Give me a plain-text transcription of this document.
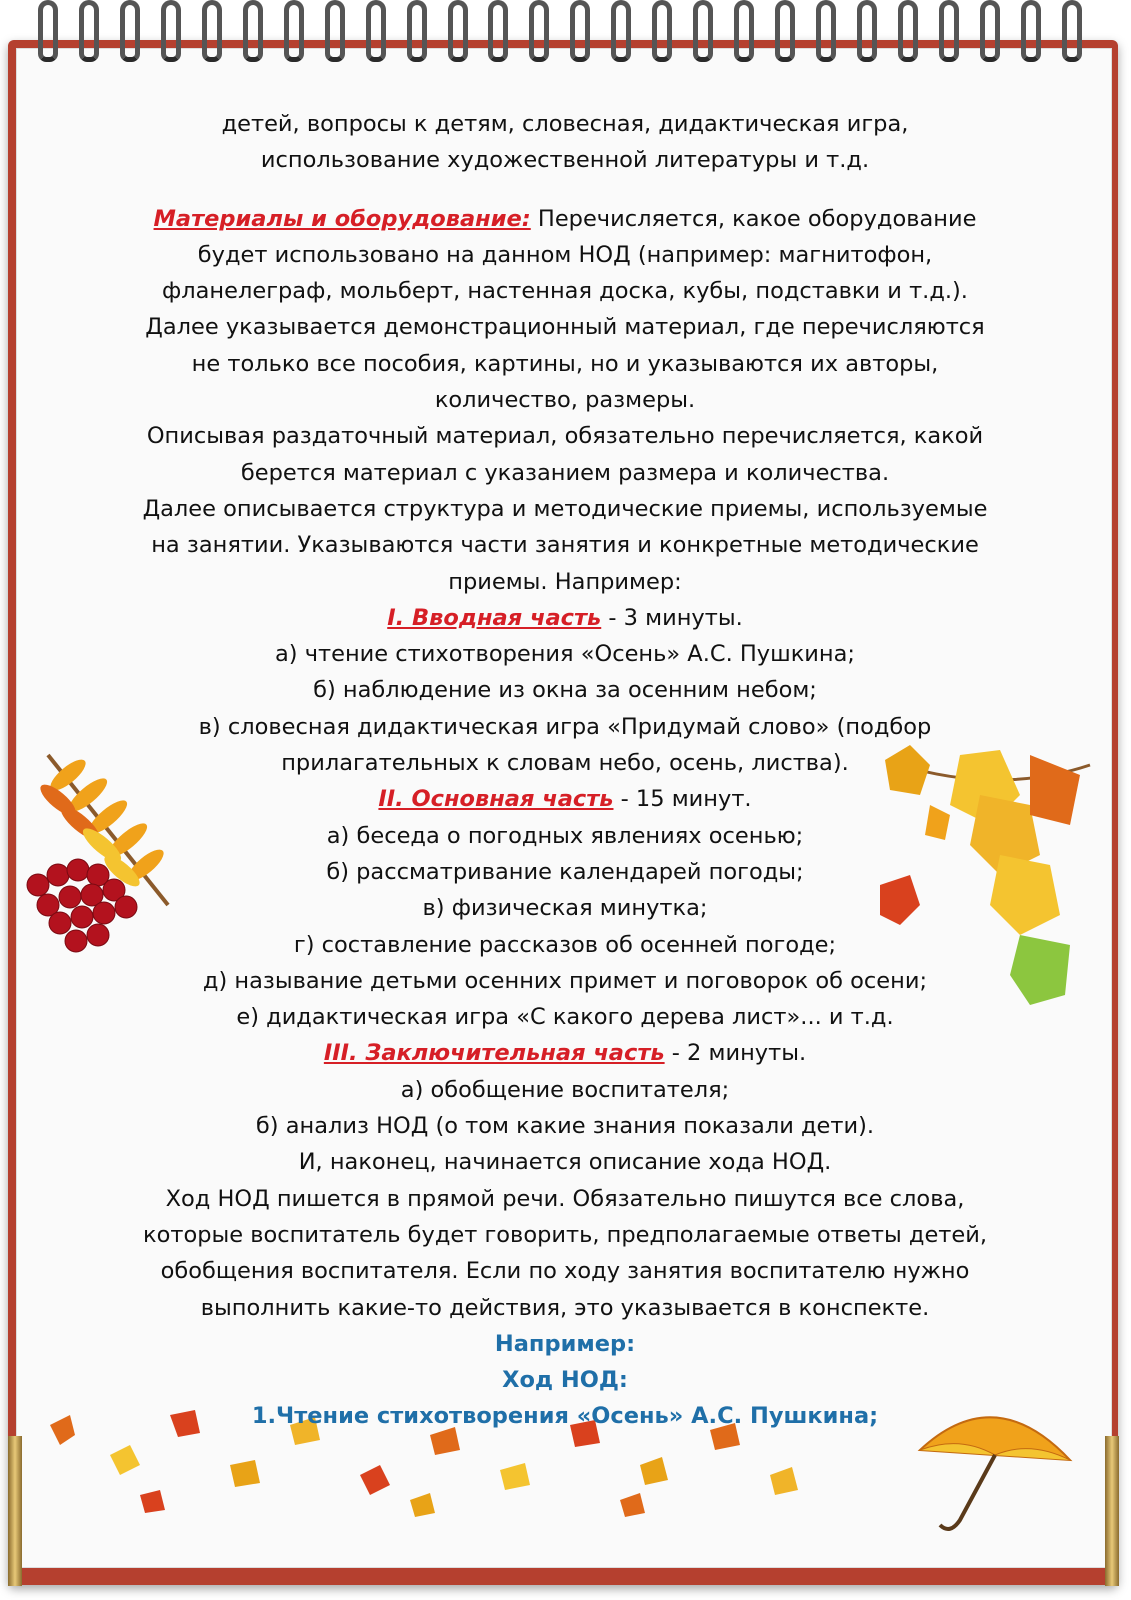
детей, вопросы к детям, словесная, дидактическая игра,

использование художественной литературы и т.д.

Материалы и оборудование: Перечисляется, какое оборудование

будет использовано на данном НОД (например: магнитофон,

фланелеграф, мольберт, настенная доска, кубы, подставки и т.д.).

Далее указывается демонстрационный материал, где перечисляются

не только все пособия, картины, но и указываются их авторы,

количество, размеры.

Описывая раздаточный материал, обязательно перечисляется, какой

берется материал с указанием размера и количества.

Далее описывается структура и методические приемы, используемые

на занятии. Указываются части занятия и конкретные методические

приемы. Например:

I. Вводная часть - 3 минуты.

а) чтение стихотворения «Осень» А.С. Пушкина;

б) наблюдение из окна за осенним небом;

в) словесная дидактическая игра «Придумай слово» (подбор

прилагательных к словам небо, осень, листва).

II. Основная часть - 15 минут.

а) беседа о погодных явлениях осенью;

б) рассматривание календарей погоды;

в) физическая минутка;

г) составление рассказов об осенней погоде;

д) называние детьми осенних примет и поговорок об осени;

е) дидактическая игра «С какого дерева лист»... и т.д.

III. Заключительная часть - 2 минуты.

а) обобщение воспитателя;

б) анализ НОД (о том какие знания показали дети).

И, наконец, начинается описание хода НОД.

Ход НОД пишется в прямой речи. Обязательно пишутся все слова,

которые воспитатель будет говорить, предполагаемые ответы детей,

обобщения воспитателя. Если по ходу занятия воспитателю нужно

выполнить какие-то действия, это указывается в конспекте.

Например:

Ход НОД:

1.Чтение стихотворения «Осень» А.С. Пушкина;
